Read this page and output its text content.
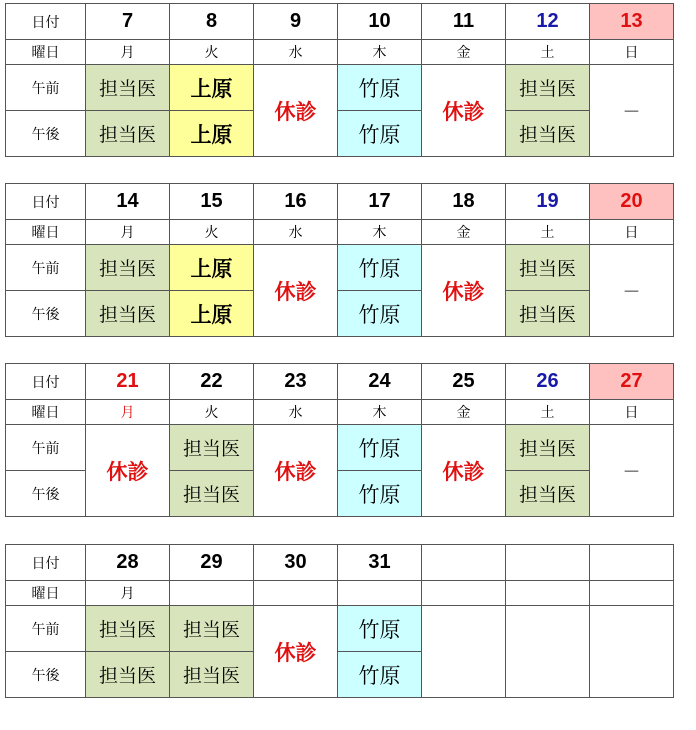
日付	7	8	9	10	11	12	13
曜日	月	火	水	木	金	土	日
午前	担当医	上原	休診	竹原	休診	担当医	－
午後	担当医	上原		竹原		担当医	
日付	14	15	16	17	18	19	20
曜日	月	火	水	木	金	土	日
午前	担当医	上原	休診	竹原	休診	担当医	－
午後	担当医	上原		竹原		担当医	
日付	21	22	23	24	25	26	27
曜日	月	火	水	木	金	土	日
午前	休診	担当医	休診	竹原	休診	担当医	－
午後		担当医		竹原		担当医	
日付	28	29	30	31			
曜日	月						
午前	担当医	担当医	休診	竹原			
午後	担当医	担当医		竹原			
